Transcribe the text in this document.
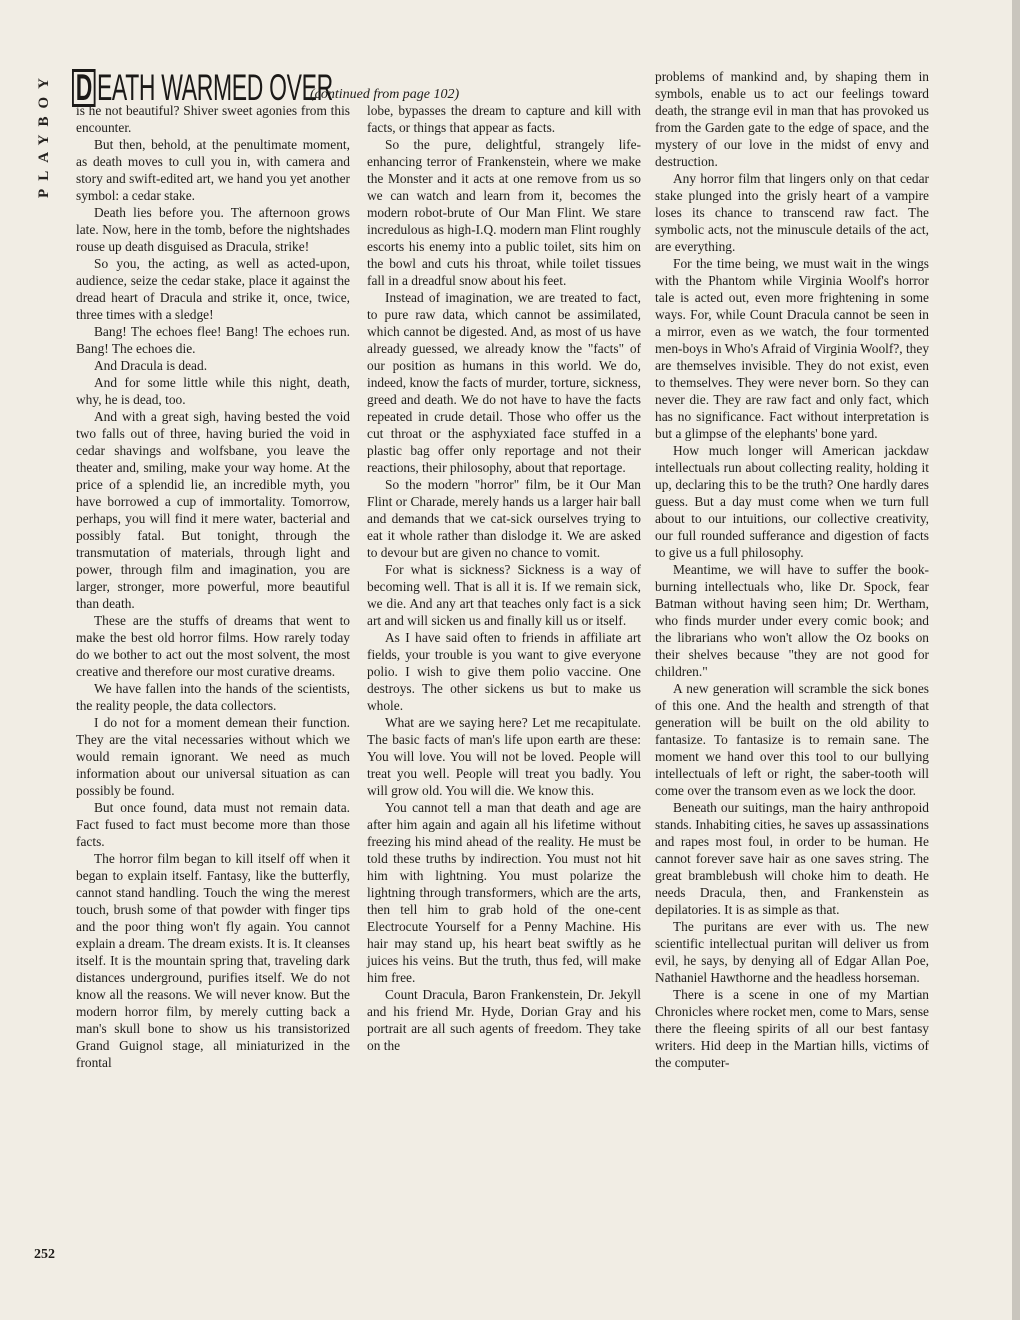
PLAYBOY D EATH WARMED OVER
(continued from page 102)

is he not beautiful? Shiver sweet agonies from this encounter.

But then, behold, at the penultimate moment, as death moves to cull you in, with camera and story and swift-edited art, we hand you yet another symbol: a cedar stake.

Death lies before you. The afternoon grows late. Now, here in the tomb, before the nightshades rouse up death disguised as Dracula, strike!

So you, the acting, as well as acted-upon, audience, seize the cedar stake, place it against the dread heart of Dracula and strike it, once, twice, three times with a sledge!

Bang! The echoes flee! Bang! The echoes run. Bang! The echoes die.

And Dracula is dead.

And for some little while this night, death, why, he is dead, too.

And with a great sigh, having bested the void two falls out of three, having buried the void in cedar shavings and wolfsbane, you leave the theater and, smiling, make your way home. At the price of a splendid lie, an incredible myth, you have borrowed a cup of immortality. Tomorrow, perhaps, you will find it mere water, bacterial and possibly fatal. But tonight, through the transmutation of materials, through light and power, through film and imagination, you are larger, stronger, more powerful, more beautiful than death.

These are the stuffs of dreams that went to make the best old horror films. How rarely today do we bother to act out the most solvent, the most creative and therefore our most curative dreams.

We have fallen into the hands of the scientists, the reality people, the data collectors.

I do not for a moment demean their function. They are the vital necessaries without which we would remain ignorant. We need as much information about our universal situation as can possibly be found.

But once found, data must not remain data. Fact fused to fact must become more than those facts.

The horror film began to kill itself off when it began to explain itself. Fantasy, like the butterfly, cannot stand handling. Touch the wing the merest touch, brush some of that powder with finger tips and the poor thing won't fly again. You cannot explain a dream. The dream exists. It is. It cleanses itself. It is the mountain spring that, traveling dark distances underground, purifies itself. We do not know all the reasons. We will never know. But the modern horror film, by merely cutting back a man's skull bone to show us his transistorized Grand Guignol stage, all miniaturized in the frontal

lobe, bypasses the dream to capture and kill with facts, or things that appear as facts.

So the pure, delightful, strangely life-enhancing terror of Frankenstein, where we make the Monster and it acts at one remove from us so we can watch and learn from it, becomes the modern robot-brute of Our Man Flint. We stare incredulous as high-I.Q. modern man Flint roughly escorts his enemy into a public toilet, sits him on the bowl and cuts his throat, while toilet tissues fall in a dreadful snow about his feet.

Instead of imagination, we are treated to fact, to pure raw data, which cannot be assimilated, which cannot be digested. And, as most of us have already guessed, we already know the "facts" of our position as humans in this world. We do, indeed, know the facts of murder, torture, sickness, greed and death. We do not have to have the facts repeated in crude detail. Those who offer us the cut throat or the asphyxiated face stuffed in a plastic bag offer only reportage and not their reactions, their philosophy, about that reportage.

So the modern "horror" film, be it Our Man Flint or Charade, merely hands us a larger hair ball and demands that we cat-sick ourselves trying to eat it whole rather than dislodge it. We are asked to devour but are given no chance to vomit.

For what is sickness? Sickness is a way of becoming well. That is all it is. If we remain sick, we die. And any art that teaches only fact is a sick art and will sicken us and finally kill us or itself.

As I have said often to friends in affiliate art fields, your trouble is you want to give everyone polio. I wish to give them polio vaccine. One destroys. The other sickens us but to make us whole.

What are we saying here? Let me recapitulate. The basic facts of man's life upon earth are these: You will love. You will not be loved. People will treat you well. People will treat you badly. You will grow old. You will die. We know this.

You cannot tell a man that death and age are after him again and again all his lifetime without freezing his mind ahead of the reality. He must be told these truths by indirection. You must not hit him with lightning. You must polarize the lightning through transformers, which are the arts, then tell him to grab hold of the one-cent Electrocute Yourself for a Penny Machine. His hair may stand up, his heart beat swiftly as he juices his veins. But the truth, thus fed, will make him free.

Count Dracula, Baron Frankenstein, Dr. Jekyll and his friend Mr. Hyde, Dorian Gray and his portrait are all such agents of freedom. They take on the

problems of mankind and, by shaping them in symbols, enable us to act our feelings toward death, the strange evil in man that has provoked us from the Garden gate to the edge of space, and the mystery of our love in the midst of envy and destruction.

Any horror film that lingers only on that cedar stake plunged into the grisly heart of a vampire loses its chance to transcend raw fact. The symbolic acts, not the minuscule details of the act, are everything.

For the time being, we must wait in the wings with the Phantom while Virginia Woolf's horror tale is acted out, even more frightening in some ways. For, while Count Dracula cannot be seen in a mirror, even as we watch, the four tormented men-boys in Who's Afraid of Virginia Woolf?, they are themselves invisible. They do not exist, even to themselves. They were never born. So they can never die. They are raw fact and only fact, which has no significance. Fact without interpretation is but a glimpse of the elephants' bone yard.

How much longer will American jackdaw intellectuals run about collecting reality, holding it up, declaring this to be the truth? One hardly dares guess. But a day must come when we turn full about to our intuitions, our collective creativity, our full rounded sufferance and digestion of facts to give us a full philosophy.

Meantime, we will have to suffer the book-burning intellectuals who, like Dr. Spock, fear Batman without having seen him; Dr. Wertham, who finds murder under every comic book; and the librarians who won't allow the Oz books on their shelves because "they are not good for children."

A new generation will scramble the sick bones of this one. And the health and strength of that generation will be built on the old ability to fantasize. To fantasize is to remain sane. The moment we hand over this tool to our bullying intellectuals of left or right, the saber-tooth will come over the transom even as we lock the door.

Beneath our suitings, man the hairy anthropoid stands. Inhabiting cities, he saves up assassinations and rapes most foul, in order to be human. He cannot forever save hair as one saves string. The great bramblebush will choke him to death. He needs Dracula, then, and Frankenstein as depilatories. It is as simple as that.

The puritans are ever with us. The new scientific intellectual puritan will deliver us from evil, he says, by denying all of Edgar Allan Poe, Nathaniel Hawthorne and the headless horseman.

There is a scene in one of my Martian Chronicles where rocket men, come to Mars, sense there the fleeing spirits of all our best fantasy writers. Hid deep in the Martian hills, victims of the computer-

252
